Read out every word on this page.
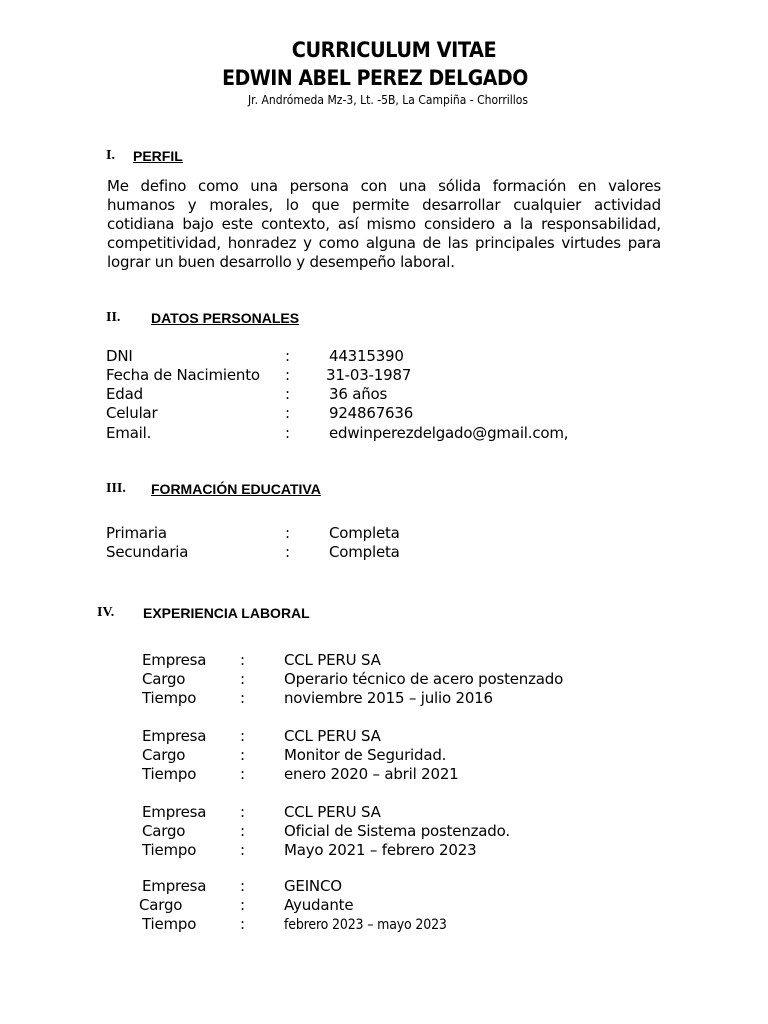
CURRICULUM VITAE
EDWIN ABEL PEREZ DELGADO
Jr. Andrómeda Mz-3, Lt. -5B, La Campiña - Chorrillos
I. PERFIL
Me defino como una persona con una sólida formación en valores humanos y morales, lo que permite desarrollar cualquier actividad cotidiana bajo este contexto, así mismo considero a la responsabilidad, competitividad, honradez y como alguna de las principales virtudes para lograr un buen desarrollo y desempeño laboral.
II. DATOS PERSONALES
DNI	:	44315390
Fecha de Nacimiento : 31-03-1987
Edad	:	36 años
Celular	:	924867636
Email.	:	edwinperezdelgado@gmail.com,
III. FORMACIÓN EDUCATIVA
Primaria	:	Completa
Secundaria	:	Completa
IV. EXPERIENCIA LABORAL
Empresa :	CCL PERU SA
Cargo	:	Operario técnico de acero postenzado
Tiempo	:	noviembre 2015 – julio 2016
Empresa :	CCL PERU SA
Cargo	:	Monitor de Seguridad.
Tiempo	:	enero 2020 – abril 2021
Empresa :	CCL PERU SA
Cargo	:	Oficial de Sistema postenzado.
Tiempo	:	Mayo 2021 – febrero 2023
Empresa :	GEINCO
Cargo	:	Ayudante
Tiempo	:	febrero 2023 – mayo 2023
